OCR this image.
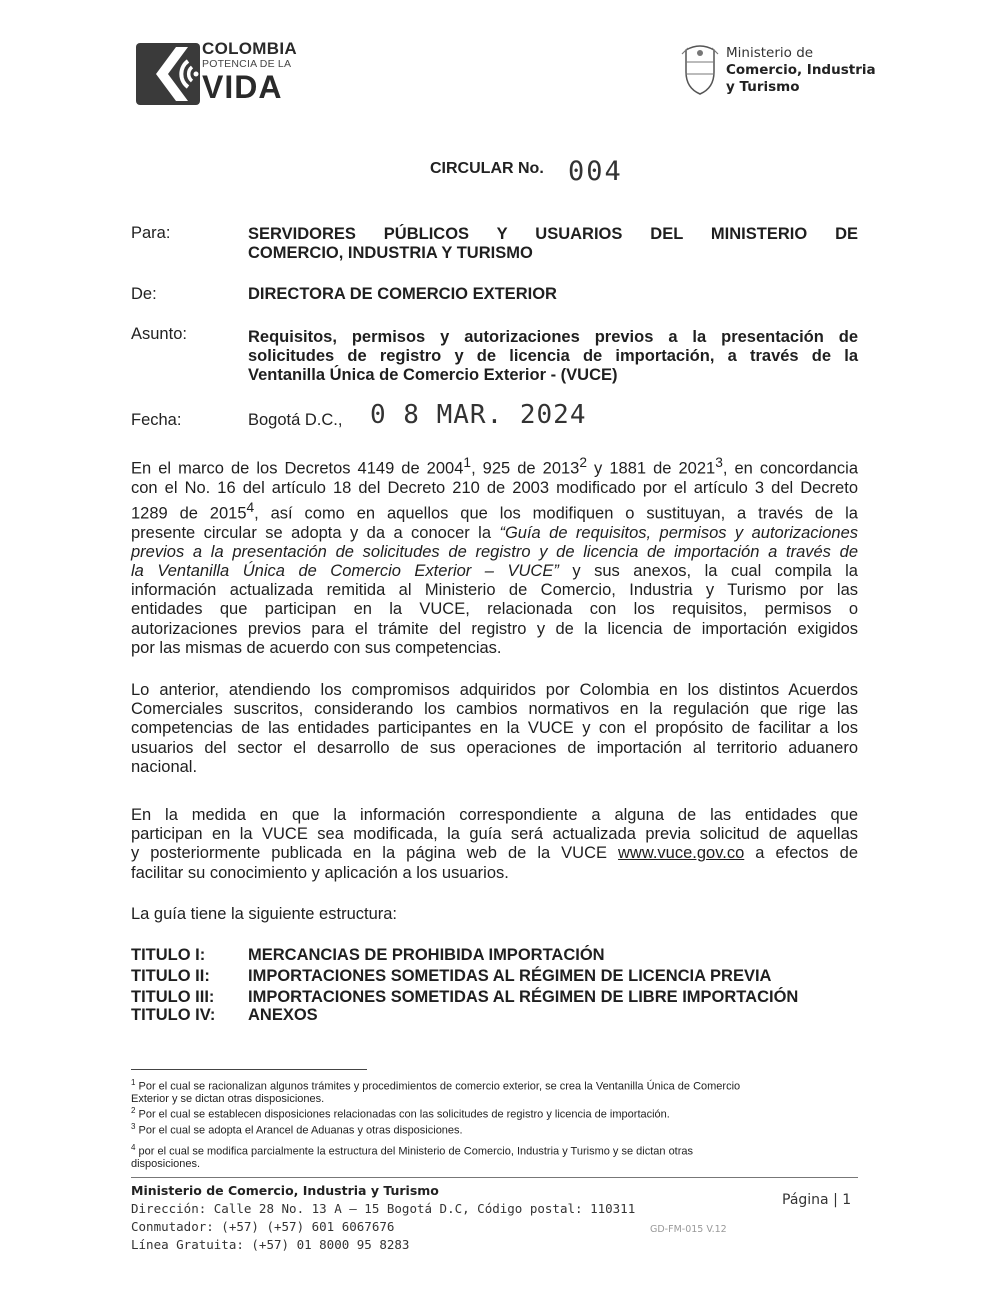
COLOMBIA
POTENCIA DE LA
VIDA
Ministerio de
Comercio, Industria
y Turismo
CIRCULAR No. 004
Para:	SERVIDORES PÚBLICOS Y USUARIOS DEL MINISTERIO DE
COMERCIO, INDUSTRIA Y TURISMO
De:	DIRECTORA DE COMERCIO EXTERIOR
Asunto:	Requisitos, permisos y autorizaciones previos a la presentación de
solicitudes de registro y de licencia de importación, a través de la
Ventanilla Única de Comercio Exterior - (VUCE)
Fecha:	Bogotá D.C., 0 8 MAR. 2024
En el marco de los Decretos 4149 de 2004$^1$, 925 de 2013$^2$ y 1881 de 2021$^3$, en concordancia
con el No. 16 del artículo 18 del Decreto 210 de 2003 modificado por el artículo 3 del Decreto
1289 de 2015$^4$, así como en aquellos que los modifiquen o sustituyan, a través de la
presente circular se adopta y da a conocer la “Guía de requisitos, permisos y autorizaciones
previos a la presentación de solicitudes de registro y de licencia de importación a través de
la Ventanilla Única de Comercio Exterior – VUCE” y sus anexos, la cual compila la
información actualizada remitida al Ministerio de Comercio, Industria y Turismo por las
entidades que participan en la VUCE, relacionada con los requisitos, permisos o
autorizaciones previos para el trámite del registro y de la licencia de importación exigidos
por las mismas de acuerdo con sus competencias.
Lo anterior, atendiendo los compromisos adquiridos por Colombia en los distintos Acuerdos
Comerciales suscritos, considerando los cambios normativos en la regulación que rige las
competencias de las entidades participantes en la VUCE y con el propósito de facilitar a los
usuarios del sector el desarrollo de sus operaciones de importación al territorio aduanero
nacional.
En la medida en que la información correspondiente a alguna de las entidades que
participan en la VUCE sea modificada, la guía será actualizada previa solicitud de aquellas
y posteriormente publicada en la página web de la VUCE www.vuce.gov.co a efectos de
facilitar su conocimiento y aplicación a los usuarios.
La guía tiene la siguiente estructura:
TITULO I:	MERCANCIAS DE PROHIBIDA IMPORTACIÓN
TITULO II: IMPORTACIONES SOMETIDAS AL RÉGIMEN DE LICENCIA PREVIA
TITULO III: IMPORTACIONES SOMETIDAS AL RÉGIMEN DE LIBRE IMPORTACIÓN
TITULO IV: ANEXOS
$^1$ Por el cual se racionalizan algunos trámites y procedimientos de comercio exterior, se crea la Ventanilla Única de Comercio
Exterior y se dictan otras disposiciones.
$^2$ Por el cual se establecen disposiciones relacionadas con las solicitudes de registro y licencia de importación.
$^3$ Por el cual se adopta el Arancel de Aduanas y otras disposiciones.
$^4$ por el cual se modifica parcialmente la estructura del Ministerio de Comercio, Industria y Turismo y se dictan otras
disposiciones.
Ministerio de Comercio, Industria y Turismo
Dirección: Calle 28 No. 13 A – 15 Bogotá D.C, Código postal: 110311
Conmutador: (+57) (+57) 601 6067676
Línea Gratuita: (+57) 01 8000 95 8283
Página | 1
GD-FM-015 V.12
